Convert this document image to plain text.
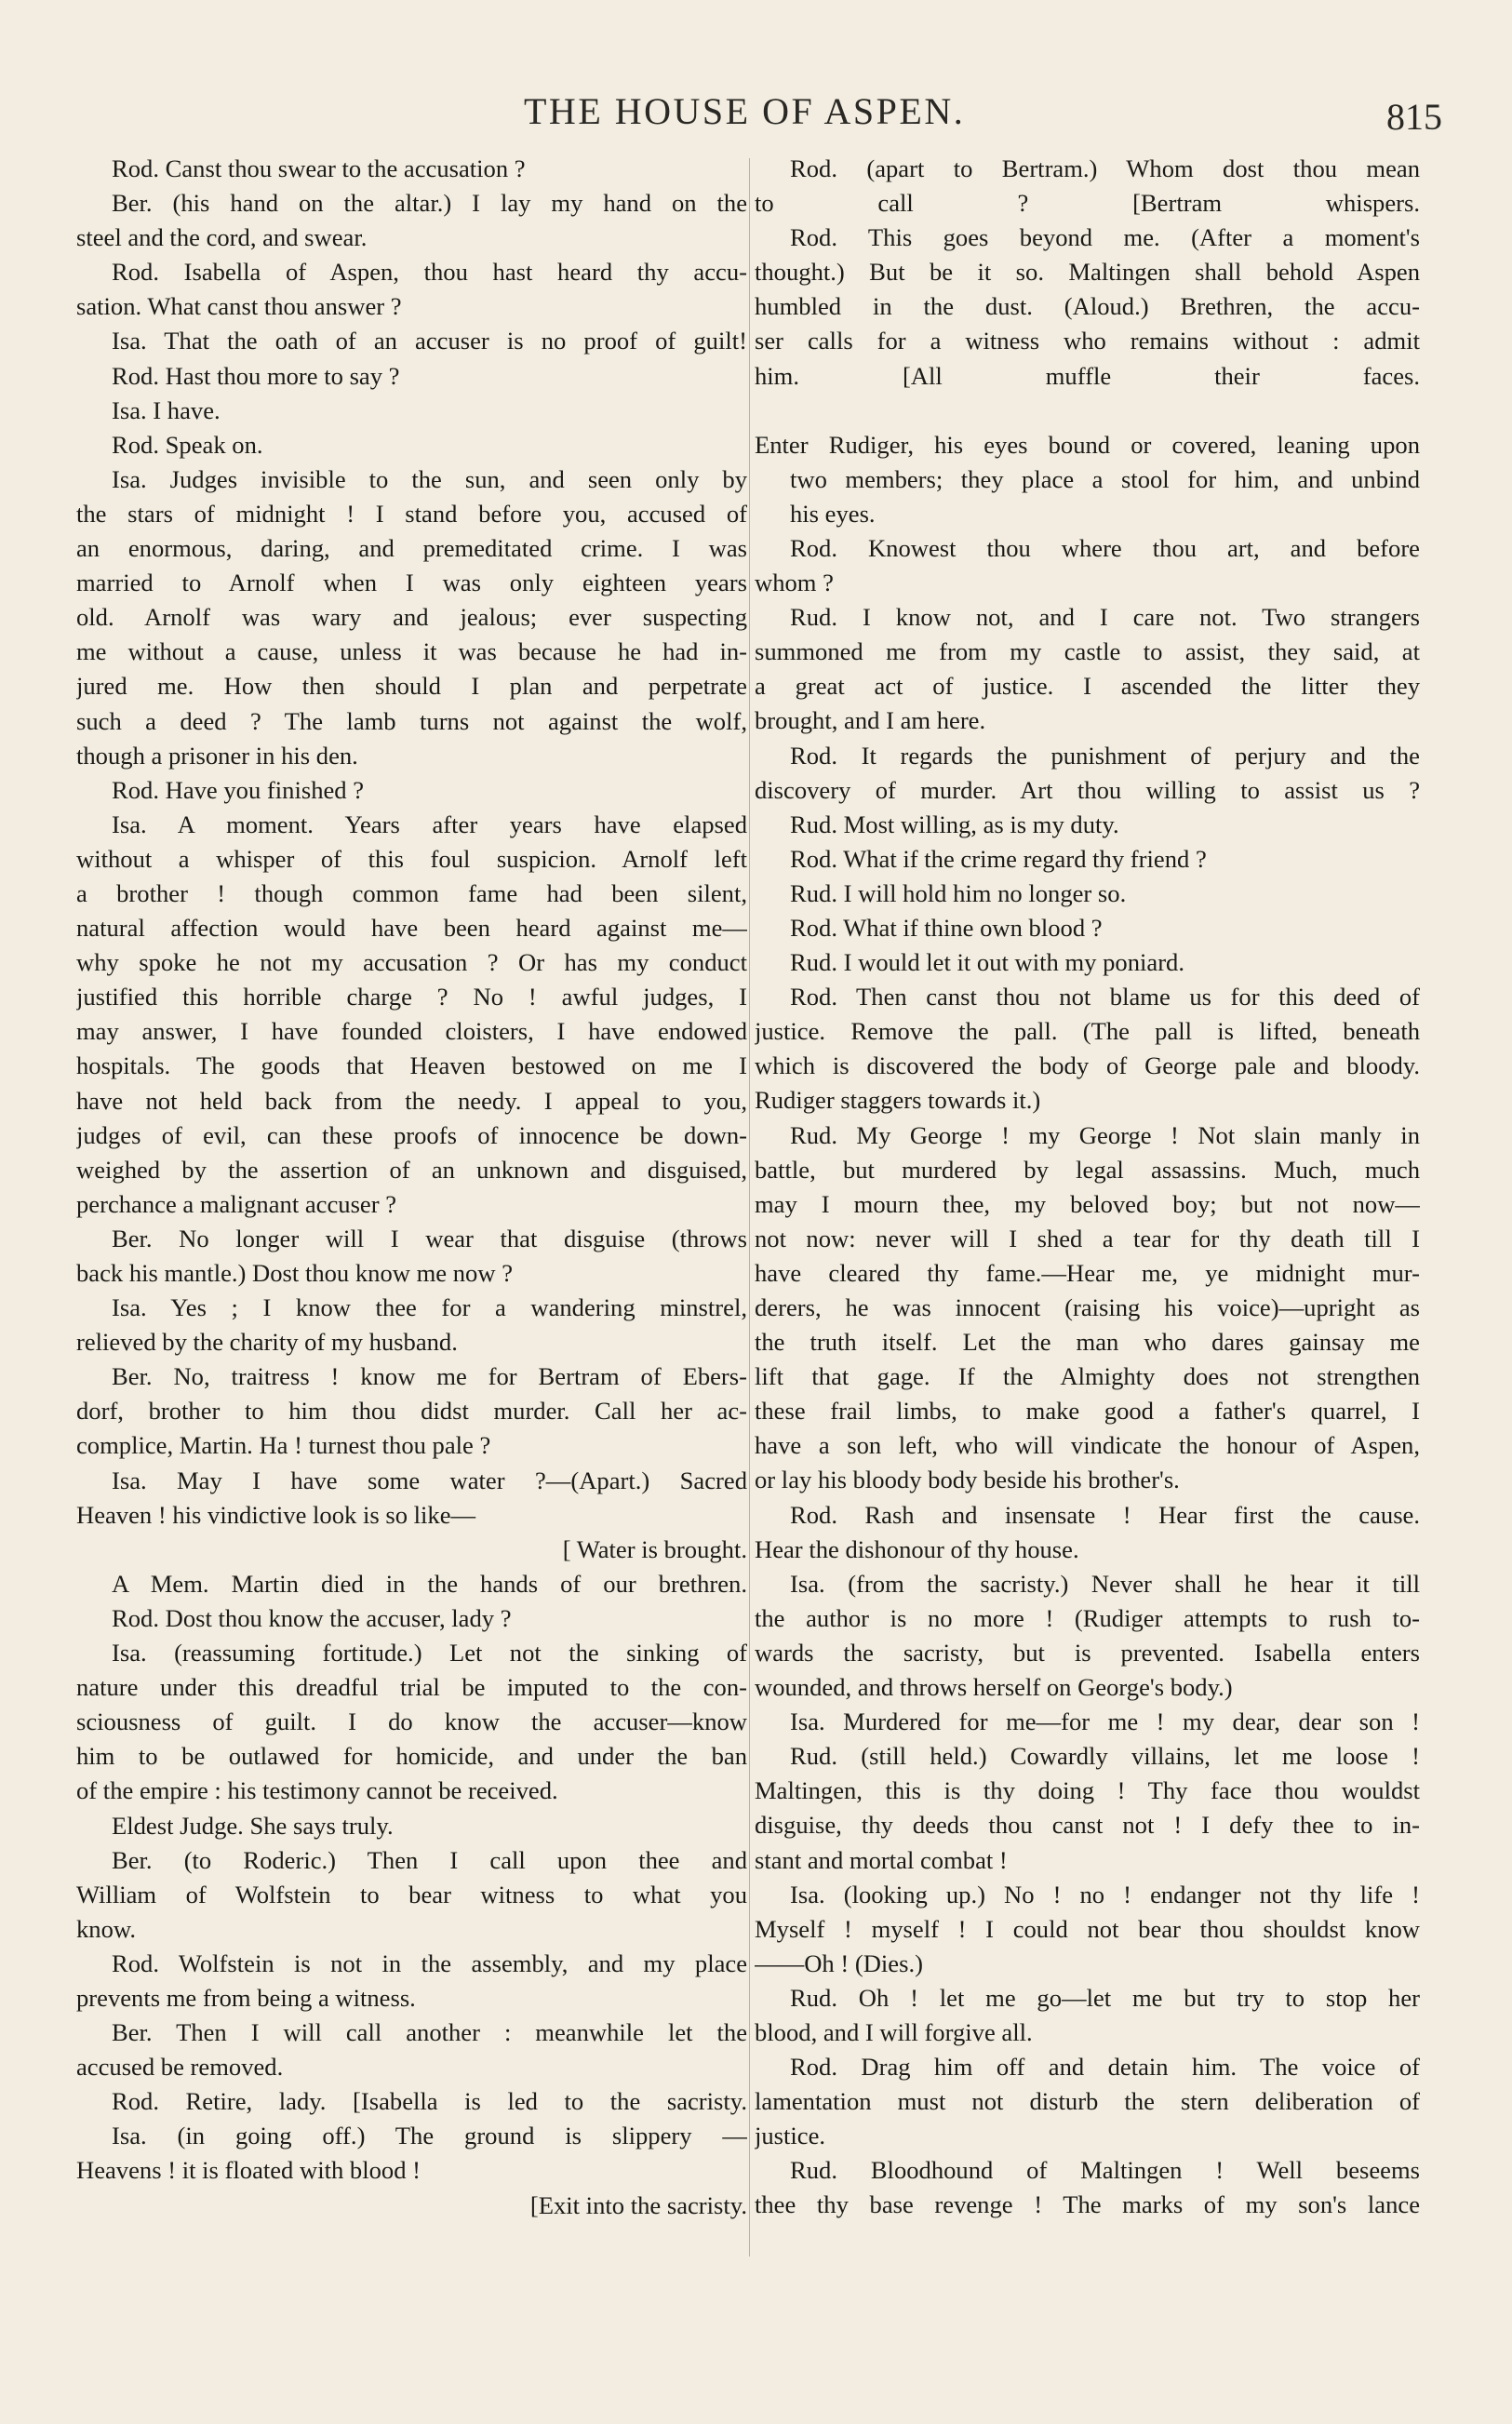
THE HOUSE OF ASPEN.	815
Rod. Canst thou swear to the accusation ?
Ber. (his hand on the altar.) I lay my hand on the
steel and the cord, and swear.
Rod. Isabella of Aspen, thou hast heard thy accu-
sation. What canst thou answer ?
Isa. That the oath of an accuser is no proof of guilt!
Rod. Hast thou more to say ?
Isa. I have.
Rod. Speak on.
Isa. Judges invisible to the sun, and seen only by
the stars of midnight ! I stand before you, accused of
an enormous, daring, and premeditated crime. I was
married to Arnolf when I was only eighteen years
old. Arnolf was wary and jealous; ever suspecting
me without a cause, unless it was because he had in-
jured me. How then should I plan and perpetrate
such a deed ? The lamb turns not against the wolf,
though a prisoner in his den.
Rod. Have you finished ?
Isa. A moment. Years after years have elapsed
without a whisper of this foul suspicion. Arnolf left
a brother ! though common fame had been silent,
natural affection would have been heard against me—
why spoke he not my accusation ? Or has my conduct
justified this horrible charge ? No ! awful judges, I
may answer, I have founded cloisters, I have endowed
hospitals. The goods that Heaven bestowed on me I
have not held back from the needy. I appeal to you,
judges of evil, can these proofs of innocence be down-
weighed by the assertion of an unknown and disguised,
perchance a malignant accuser ?
Ber. No longer will I wear that disguise (throws
back his mantle.) Dost thou know me now ?
Isa. Yes ; I know thee for a wandering minstrel,
relieved by the charity of my husband.
Ber. No, traitress ! know me for Bertram of Ebers-
dorf, brother to him thou didst murder. Call her ac-
complice, Martin. Ha ! turnest thou pale ?
Isa. May I have some water ?—(Apart.) Sacred
Heaven ! his vindictive look is so like—
[ Water is brought.
A Mem. Martin died in the hands of our brethren.
Rod. Dost thou know the accuser, lady ?
Isa. (reassuming fortitude.) Let not the sinking of
nature under this dreadful trial be imputed to the con-
sciousness of guilt. I do know the accuser—know
him to be outlawed for homicide, and under the ban
of the empire : his testimony cannot be received.
Eldest Judge. She says truly.
Ber. (to Roderic.) Then I call upon thee and
William of Wolfstein to bear witness to what you
know.
Rod. Wolfstein is not in the assembly, and my place
prevents me from being a witness.
Ber. Then I will call another : meanwhile let the
accused be removed.
Rod. Retire, lady. [Isabella is led to the sacristy.
Isa. (in going off.) The ground is slippery —
Heavens ! it is floated with blood !
[Exit into the sacristy.
Rod. (apart to Bertram.) Whom dost thou mean
to call ? [Bertram whispers.
Rod. This goes beyond me. (After a moment's
thought.) But be it so. Maltingen shall behold Aspen
humbled in the dust. (Aloud.) Brethren, the accu-
ser calls for a witness who remains without : admit
him. [All muffle their faces.
Enter Rudiger, his eyes bound or covered, leaning upon
two members; they place a stool for him, and unbind
his eyes.
Rod. Knowest thou where thou art, and before
whom ?
Rud. I know not, and I care not. Two strangers
summoned me from my castle to assist, they said, at
a great act of justice. I ascended the litter they
brought, and I am here.
Rod. It regards the punishment of perjury and the
discovery of murder. Art thou willing to assist us ?
Rud. Most willing, as is my duty.
Rod. What if the crime regard thy friend ?
Rud. I will hold him no longer so.
Rod. What if thine own blood ?
Rud. I would let it out with my poniard.
Rod. Then canst thou not blame us for this deed of
justice. Remove the pall. (The pall is lifted, beneath
which is discovered the body of George pale and bloody.
Rudiger staggers towards it.)
Rud. My George ! my George ! Not slain manly in
battle, but murdered by legal assassins. Much, much
may I mourn thee, my beloved boy; but not now—
not now: never will I shed a tear for thy death till I
have cleared thy fame.—Hear me, ye midnight mur-
derers, he was innocent (raising his voice)—upright as
the truth itself. Let the man who dares gainsay me
lift that gage. If the Almighty does not strengthen
these frail limbs, to make good a father's quarrel, I
have a son left, who will vindicate the honour of Aspen,
or lay his bloody body beside his brother's.
Rod. Rash and insensate ! Hear first the cause.
Hear the dishonour of thy house.
Isa. (from the sacristy.) Never shall he hear it till
the author is no more ! (Rudiger attempts to rush to-
wards the sacristy, but is prevented. Isabella enters
wounded, and throws herself on George's body.)
Isa. Murdered for me—for me ! my dear, dear son !
Rud. (still held.) Cowardly villains, let me loose !
Maltingen, this is thy doing ! Thy face thou wouldst
disguise, thy deeds thou canst not ! I defy thee to in-
stant and mortal combat !
Isa. (looking up.) No ! no ! endanger not thy life !
Myself ! myself ! I could not bear thou shouldst know
——Oh ! (Dies.)
Rud. Oh ! let me go—let me but try to stop her
blood, and I will forgive all.
Rod. Drag him off and detain him. The voice of
lamentation must not disturb the stern deliberation of
justice.
Rud. Bloodhound of Maltingen ! Well beseems
thee thy base revenge ! The marks of my son's lance
